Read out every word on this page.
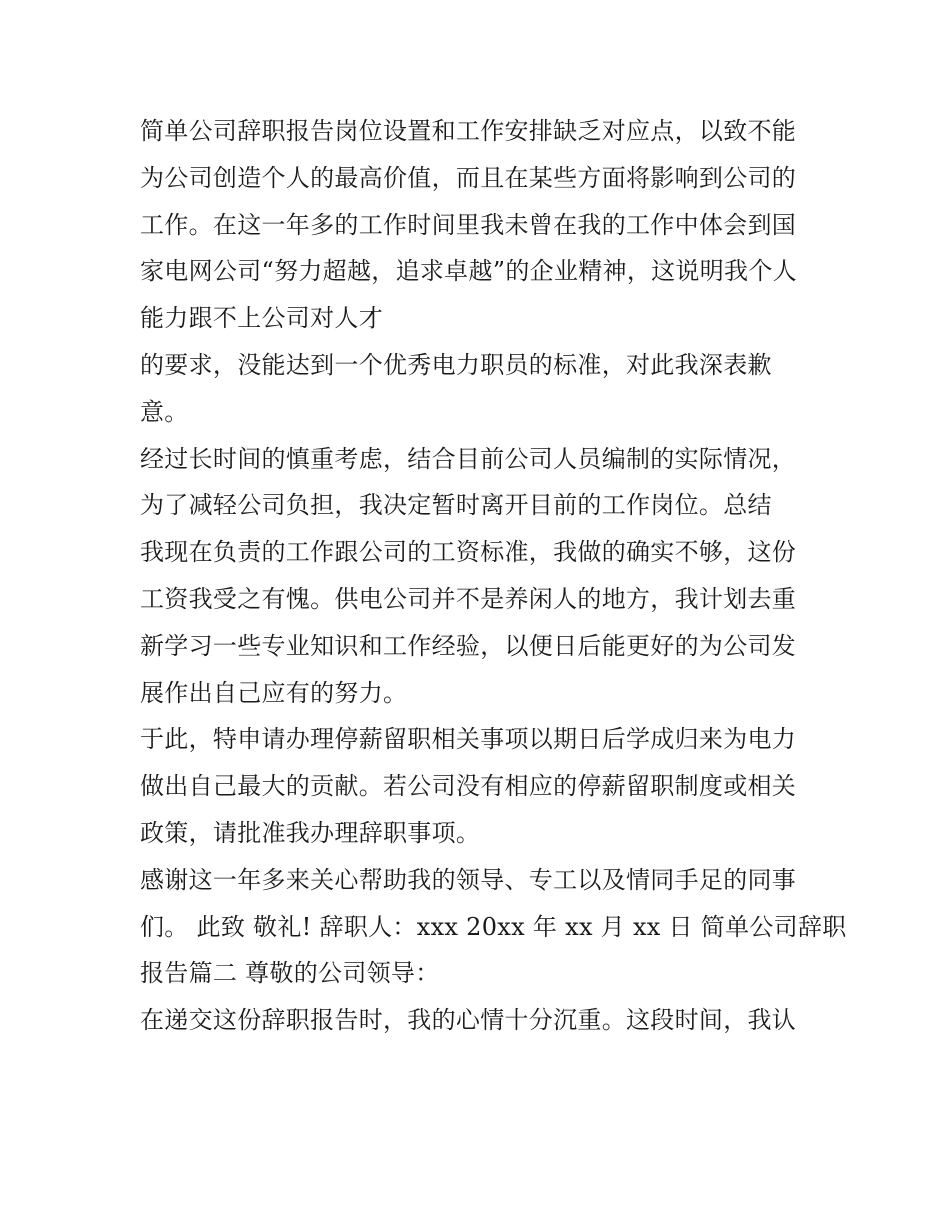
简单公司辞职报告岗位设置和工作安排缺乏对应点，以致不能
为公司创造个人的最高价值，而且在某些方面将影响到公司的
工作。在这一年多的工作时间里我未曾在我的工作中体会到国
家电网公司“努力超越，追求卓越”的企业精神，这说明我个人
能力跟不上公司对人才
的要求，没能达到一个优秀电力职员的标准，对此我深表歉
意。
经过长时间的慎重考虑，结合目前公司人员编制的实际情况，
为了减轻公司负担，我决定暂时离开目前的工作岗位。总结
我现在负责的工作跟公司的工资标准，我做的确实不够，这份
工资我受之有愧。供电公司并不是养闲人的地方，我计划去重
新学习一些专业知识和工作经验，以便日后能更好的为公司发
展作出自己应有的努力。
于此，特申请办理停薪留职相关事项以期日后学成归来为电力
做出自己最大的贡献。若公司没有相应的停薪留职制度或相关
政策，请批准我办理辞职事项。
感谢这一年多来关心帮助我的领导、专工以及情同手足的同事
们。 此致 敬礼! 辞职人：xxx 20xx 年 xx 月 xx 日 简单公司辞职
报告篇二 尊敬的公司领导：
在递交这份辞职报告时，我的心情十分沉重。这段时间，我认
